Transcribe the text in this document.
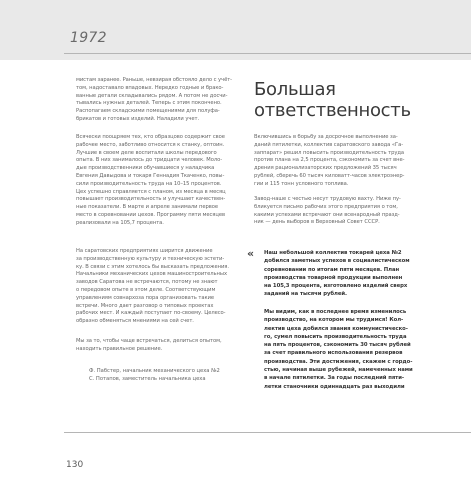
1972
мистам заранее. Раньше, невзирая обстояло дело с учёт-
том, надоставало впадовых. Нередко годные и брако-
ванные детали складывались рядом. А потом не досчи-
тывались нужных деталей. Теперь с этим покончено.
Распопагаем складскими помещениями для полуфа-
брикатов и готовых изделий. Наладили учет.
Всячески поощряем тех, кто образцово содержит свое
рабочее место, заботливо относится к станку, оптоин.
Лучшие в своем деле воспитали школы передового
опыта. В них занималось до тридцати человек. Моло-
дые производственники обучавшиеся у наладчика
Евгения Давыдова и токаря Геннадия Ткаченко, повы-
сили производительность труда на 10–15 процентов.
Цех успешно справляется с планом, из месяца в месяц
повышает производительность и улучшает качествен-
ные показатели. В марте и апреле занимали первое
место в соревновании цехов. Программу пяти месяцев
реализовали на 105,7 процента.
На саратовских предприятиях ширится движение
за производственную культуру и техническую эстети-
ку. В связи с этим хотелось бы высказать предложения.
Начальники механических цехов машиностроительных
заводов Саратова не встречаются, потому не знают
о передовом опыте в этом деле. Соответствующим
управлениям совнархоза пора организовать такие
встречи. Много дает разговор о типовых проектах
рабочих мест. И каждый поступает по-своему. Целесо-
образно обменяться мнениями на сей счет.
Мы за то, чтобы чаще встречаться, делиться опытом,
находить правильное решение.
Ф. Пабстер, начальник механического цеха №2
С. Потапов, заместитель начальника цеха
Большая
ответственность
Включившись в борьбу за досрочное выполнение за-
даний пятилетки, коллектив саратовского завода «Га-
заппарат» решил повысить производительность труда
против плана на 2,5 процента, сэкономить за счет вне-
дрения рационализаторских предложений 35 тысяч
рублей, сберечь 60 тысяч киловатт-часов электроэнер-
гии и 115 тонн условного топлива.
Завод-наше с честью несут трудовую вахту. Ниже пу-
бликуется письмо рабочих этого предприятия о том,
какими успехами встречают они всенародный празд-
ник — день выборов в Верховный Совет СССР.
« Наш небольшой коллектив токарей цеха №2
добился заметных успехов в социалистическом
соревновании по итогам пяти месяцев. План
производства товарной продукции выполнен
на 105,3 процента, изготовлено изделий сверх
заданий на тысячи рублей.
Мы видим, как в последнее время изменилось
производство, на котором мы трудимся! Кол-
лектив цеха добился звания коммунистическо-
го, сумел повысить производительность труда
на пять процентов, сэкономить 30 тысяч рублей
за счет правильного использования резервов
производства. Эти достижения, скажем с гордо-
стью, начиная выше рубежей, намеченных нами
в начале пятилетки. За годы последний пяти-
летки станочники одиннадцать раз выходили
130
